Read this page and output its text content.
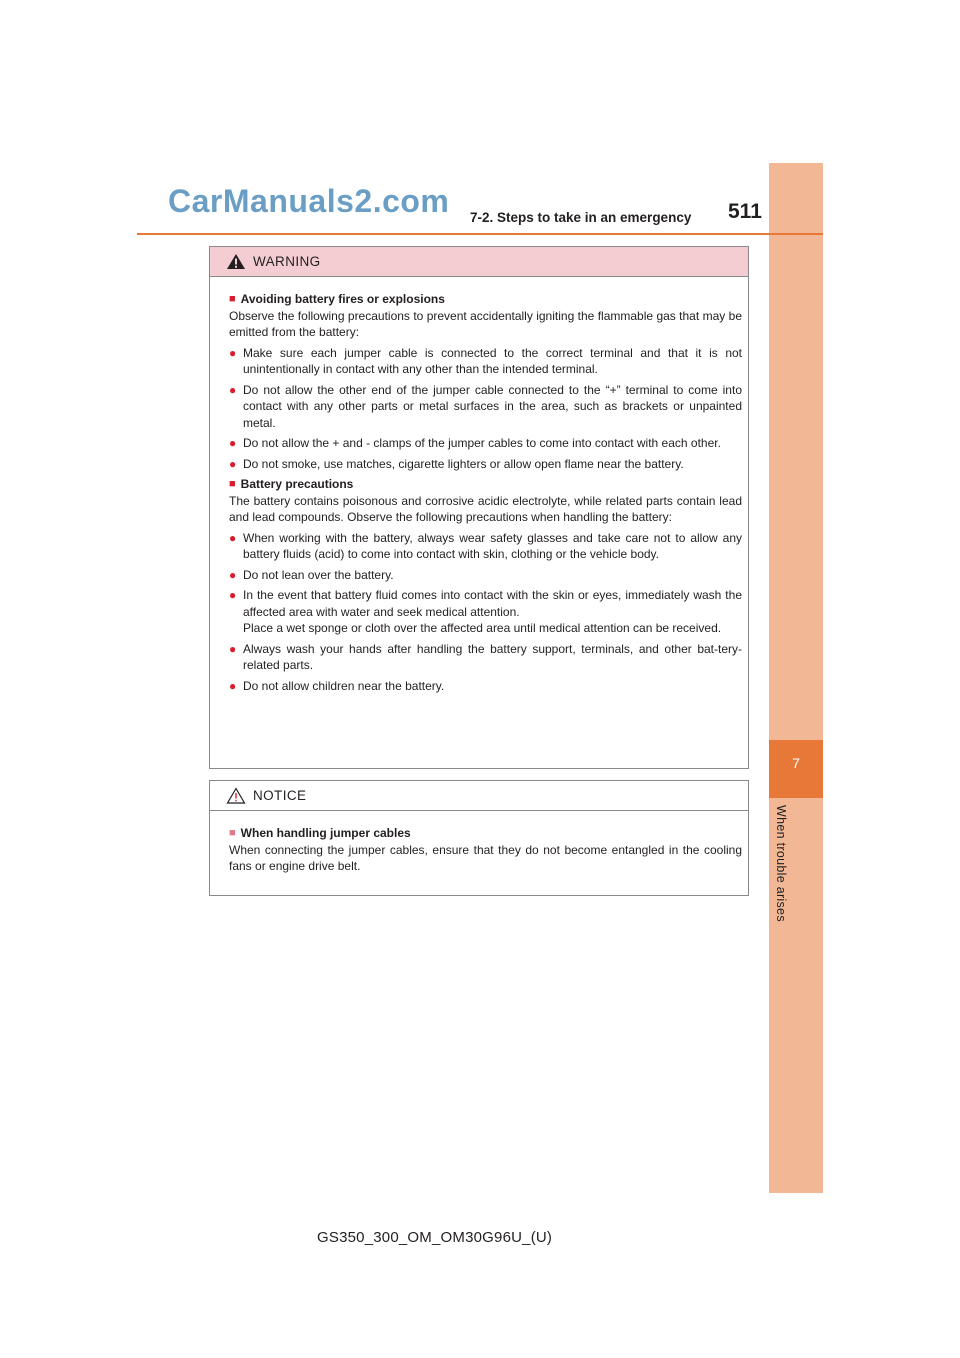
7
When trouble arises
CarManuals2.com 7-2. Steps to take in an emergency 511
WARNING
■ Avoiding battery fires or explosions
Observe the following precautions to prevent accidentally igniting the flammable gas that may be emitted from the battery:
● Make sure each jumper cable is connected to the correct terminal and that it is not unintentionally in contact with any other than the intended terminal.
● Do not allow the other end of the jumper cable connected to the “+” terminal to come into contact with any other parts or metal surfaces in the area, such as brackets or unpainted metal.
● Do not allow the + and - clamps of the jumper cables to come into contact with each other.
● Do not smoke, use matches, cigarette lighters or allow open flame near the battery.
■ Battery precautions
The battery contains poisonous and corrosive acidic electrolyte, while related parts contain lead and lead compounds. Observe the following precautions when handling the battery:
● When working with the battery, always wear safety glasses and take care not to allow any battery fluids (acid) to come into contact with skin, clothing or the vehicle body.
● Do not lean over the battery.
● In the event that battery fluid comes into contact with the skin or eyes, immediately wash the affected area with water and seek medical attention.
Place a wet sponge or cloth over the affected area until medical attention can be received.
● Always wash your hands after handling the battery support, terminals, and other bat-tery-related parts.
● Do not allow children near the battery.
NOTICE
■ When handling jumper cables
When connecting the jumper cables, ensure that they do not become entangled in the cooling fans or engine drive belt.
GS350_300_OM_OM30G96U_(U)
